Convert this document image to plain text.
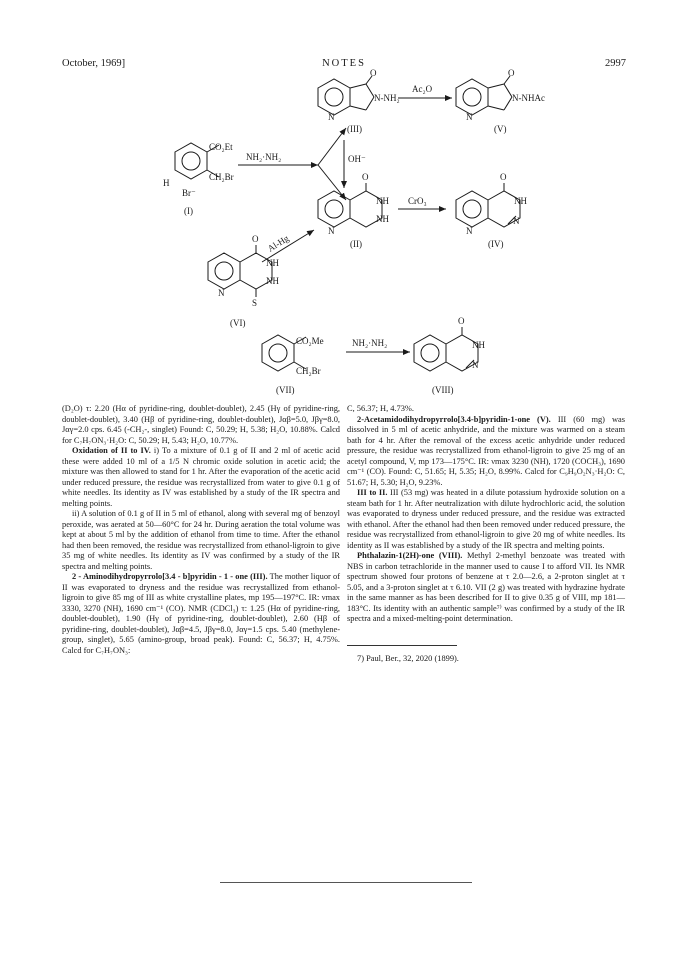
October, 1969]	NOTES	2997
CO₂Et
CH₂Br
H
Br⁻
(I)
NH₂·NH₂
O
N-NH₂
N
(III)
Ac₂O
O
N-NHAc
N
(V)
OH⁻
O
NH
NH
N
(II)
CrO₃
O
NH
N
N
(IV)
Al-Hg
O
NH
NH
N
S
(VI)
CO₂Me
CH₂Br
(VII)
NH₂·NH₂
O
NH
N
(VIII)

(D₂O) τ: 2.20 (Hα of pyridine-ring, doublet-doublet), 2.45 (Hγ of pyridine-ring, doublet-doublet), 3.40 (Hβ of pyridine-ring, doublet-doublet), Jαβ=5.0, Jβγ=8.0, Jαγ=2.0 cps. 6.45 (-CH₂-, singlet) Found: C, 50.29; H, 5.38; H₂O, 10.88%. Calcd for C₇H₇ON₃·H₂O: C, 50.29; H, 5.43; H₂O, 10.77%.

Oxidation of II to IV. i) To a mixture of 0.1 g of II and 2 ml of acetic acid these were added 10 ml of a 1/5 N chromic oxide solution in acetic acid; the mixture was then allowed to stand for 1 hr. After the evaporation of the acetic acid under reduced pressure, the residue was recrystallized from water to give 0.1 g of white needles. Its identity as IV was established by a study of the IR spectra and melting points.

ii) A solution of 0.1 g of II in 5 ml of ethanol, along with several mg of benzoyl peroxide, was aerated at 50—60°C for 24 hr. During aeration the total volume was kept at about 5 ml by the addition of ethanol from time to time. After the ethanol had then been removed, the residue was recrystallized from ethanol-ligroin to give 35 mg of white needles. Its identity as IV was confirmed by a study of the IR spectra and melting points.

2 - Aminodihydropyrrolo[3.4 - b]pyridin - 1 - one (III). The mother liquor of II was evaporated to dryness and the residue was recrystallized from ethanol-ligroin to give 85 mg of III as white crystalline plates, mp 195—197°C. IR: νmax 3330, 3270 (NH), 1690 cm⁻¹ (CO). NMR (CDCl₃) τ: 1.25 (Hα of pyridine-ring, doublet-doublet), 1.90 (Hγ of pyridine-ring, doublet-doublet), 2.60 (Hβ of pyridine-ring, doublet-doublet), Jαβ=4.5, Jβγ=8.0, Jαγ=1.5 cps. 5.40 (methylene-group, singlet), 5.65 (amino-group, broad peak). Found: C, 56.37; H, 4.75%. Calcd for C₇H₇ON₃:

C, 56.37; H, 4.73%.

2-Acetamidodihydropyrrolo[3.4-b]pyridin-1-one (V). III (60 mg) was dissolved in 5 ml of acetic anhydride, and the mixture was warmed on a steam bath for 4 hr. After the removal of the excess acetic anhydride under reduced pressure, the residue was recrystallized from ethanol-ligroin to give 25 mg of an acetyl compound, V, mp 173—175°C. IR: νmax 3230 (NH), 1720 (COCH₃), 1690 cm⁻¹ (CO). Found: C, 51.65; H, 5.35; H₂O, 8.99%. Calcd for C₉H₉O₂N₃·H₂O: C, 51.67; H, 5.30; H₂O, 9.23%.

III to II. III (53 mg) was heated in a dilute potassium hydroxide solution on a steam bath for 1 hr. After neutralization with dilute hydrochloric acid, the solution was evaporated to dryness under reduced pressure, and the residue was extracted with ethanol. After the ethanol had then been removed under reduced pressure, the residue was recrystallized from ethanol-ligroin to give 20 mg of white needles. Its identity as II was established by a study of the IR spectra and melting points.

Phthalazin-1(2H)-one (VIII). Methyl 2-methyl benzoate was treated with NBS in carbon tetrachloride in the manner used to cause I to afford VII. Its NMR spectrum showed four protons of benzene at τ 2.0—2.6, a 2-proton singlet at τ 5.05, and a 3-proton singlet at τ 6.10. VII (2 g) was treated with hydrazine hydrate in the same manner as has been described for II to give 0.35 g of VIII, mp 181—183°C. Its identity with an authentic sample⁷⁾ was confirmed by a study of the IR spectra and a mixed-melting-point determination.

7) Paul, Ber., 32, 2020 (1899).
